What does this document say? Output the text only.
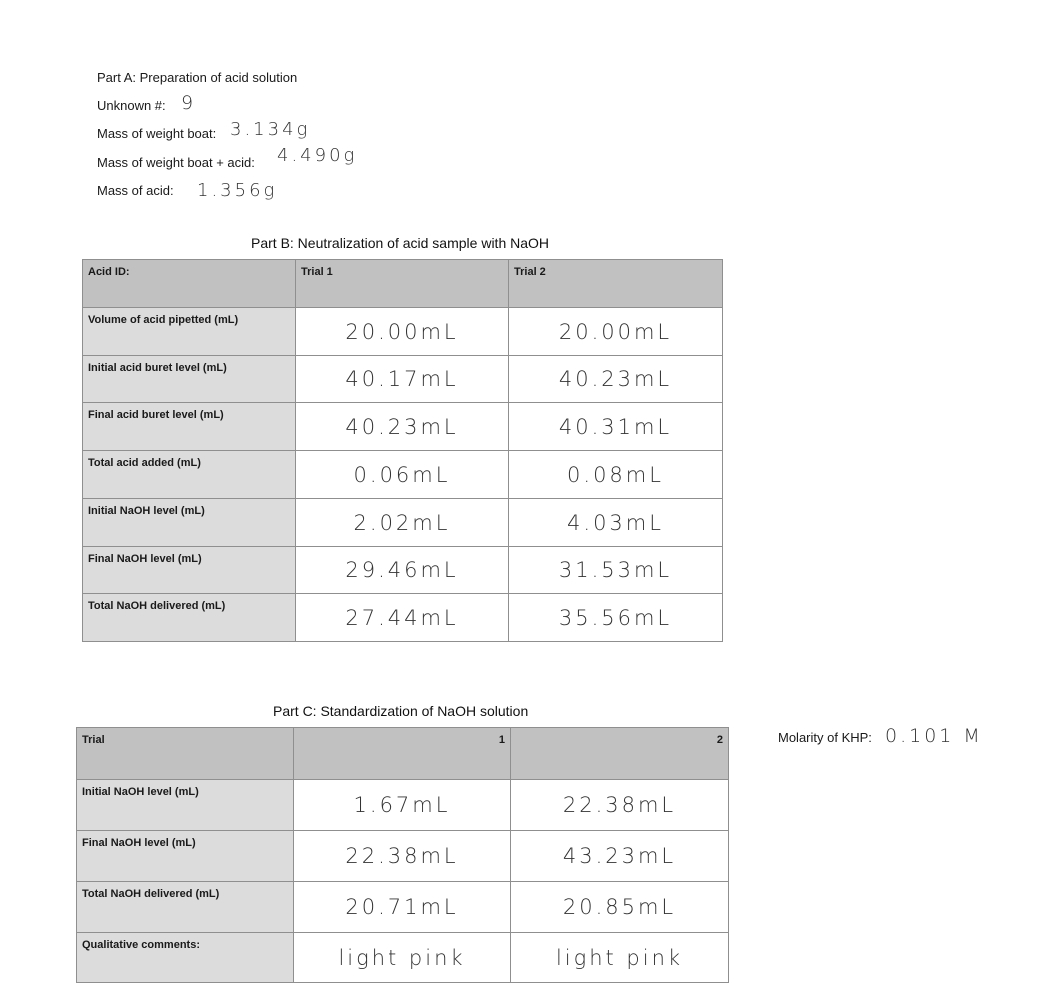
Part A: Preparation of acid solution
Unknown #: 9
Mass of weight boat: 3.134g
Mass of weight boat + acid: 4.490g
Mass of acid: 1.356g
Part B: Neutralization of acid sample with NaOH
Acid ID:	Trial 1	Trial 2
Volume of acid pipetted (mL)	20.00mL	20.00mL
Initial acid buret level (mL)	40.17mL	40.23mL
Final acid buret level (mL)	40.23mL	40.31mL
Total acid added (mL)	0.06mL	0.08mL
Initial NaOH level (mL)	2.02mL	4.03mL
Final NaOH level (mL)	29.46mL	31.53mL
Total NaOH delivered (mL)	27.44mL	35.56mL
Part C: Standardization of NaOH solution
Trial	1	2
Initial NaOH level (mL)	1.67mL	22.38mL
Final NaOH level (mL)	22.38mL	43.23mL
Total NaOH delivered (mL)	20.71mL	20.85mL
Qualitative comments:	light pink	light pink
Molarity of KHP: 0.101 M
